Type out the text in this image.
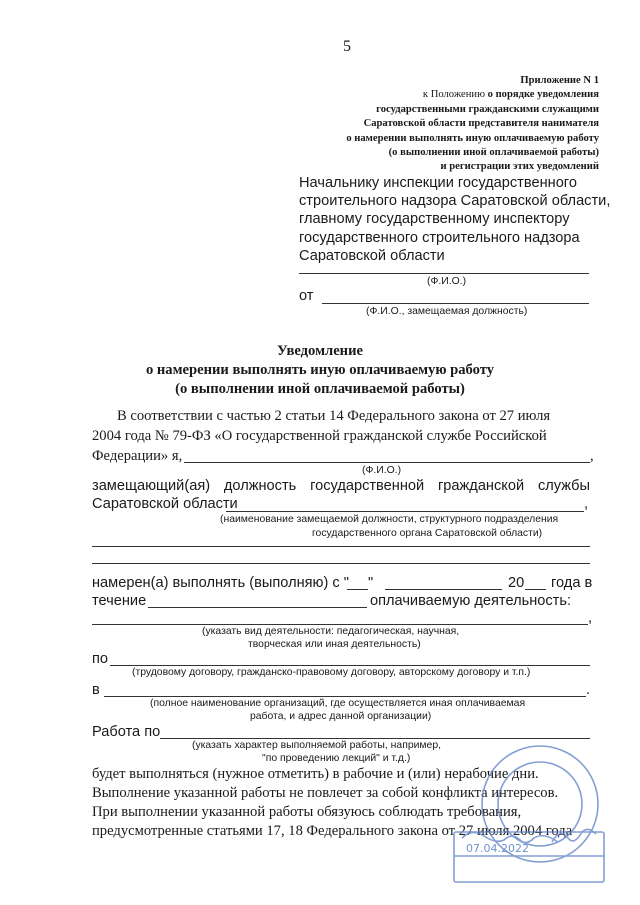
5
Приложение N 1
к Положению о порядке уведомления
государственными гражданскими служащими
Саратовской области представителя нанимателя
о намерении выполнять иную оплачиваемую работу
(о выполнении иной оплачиваемой работы)
и регистрации этих уведомлений
Начальнику инспекции государственного
строительного надзора Саратовской области,
главному государственному инспектору
государственного строительного надзора
Саратовской области
(Ф.И.О.)
от
(Ф.И.О., замещаемая должность)
Уведомление
о намерении выполнять иную оплачиваемую работу
(о выполнении иной оплачиваемой работы)
В соответствии с частью 2 статьи 14 Федерального закона от 27 июля
2004 года № 79-ФЗ «О государственной гражданской службе Российской
Федерации» я,	,
(Ф.И.О.)
замещающий(ая) должность государственной гражданской службы
Саратовской области	,
(наименование замещаемой должности, структурного подразделения
государственного органа Саратовской области)
намерен(а) выполнять (выполняю) с " "	20 года в
течение	оплачиваемую деятельность:
,
(указать вид деятельности: педагогическая, научная,
творческая или иная деятельность)
по
(трудовому договору, гражданско-правовому договору, авторскому договору и т.п.)
в	.
(полное наименование организаций, где осуществляется иная оплачиваемая
работа, и адрес данной организации)
Работа по
(указать характер выполняемой работы, например,
"по проведению лекций" и т.д.)
будет выполняться (нужное отметить) в рабочие и (или) нерабочие дни.
Выполнение указанной работы не повлечет за собой конфликта интересов.
При выполнении указанной работы обязуюсь соблюдать требования,
предусмотренные статьями 17, 18 Федерального закона от 27 июля 2004 года
07.04.2022
